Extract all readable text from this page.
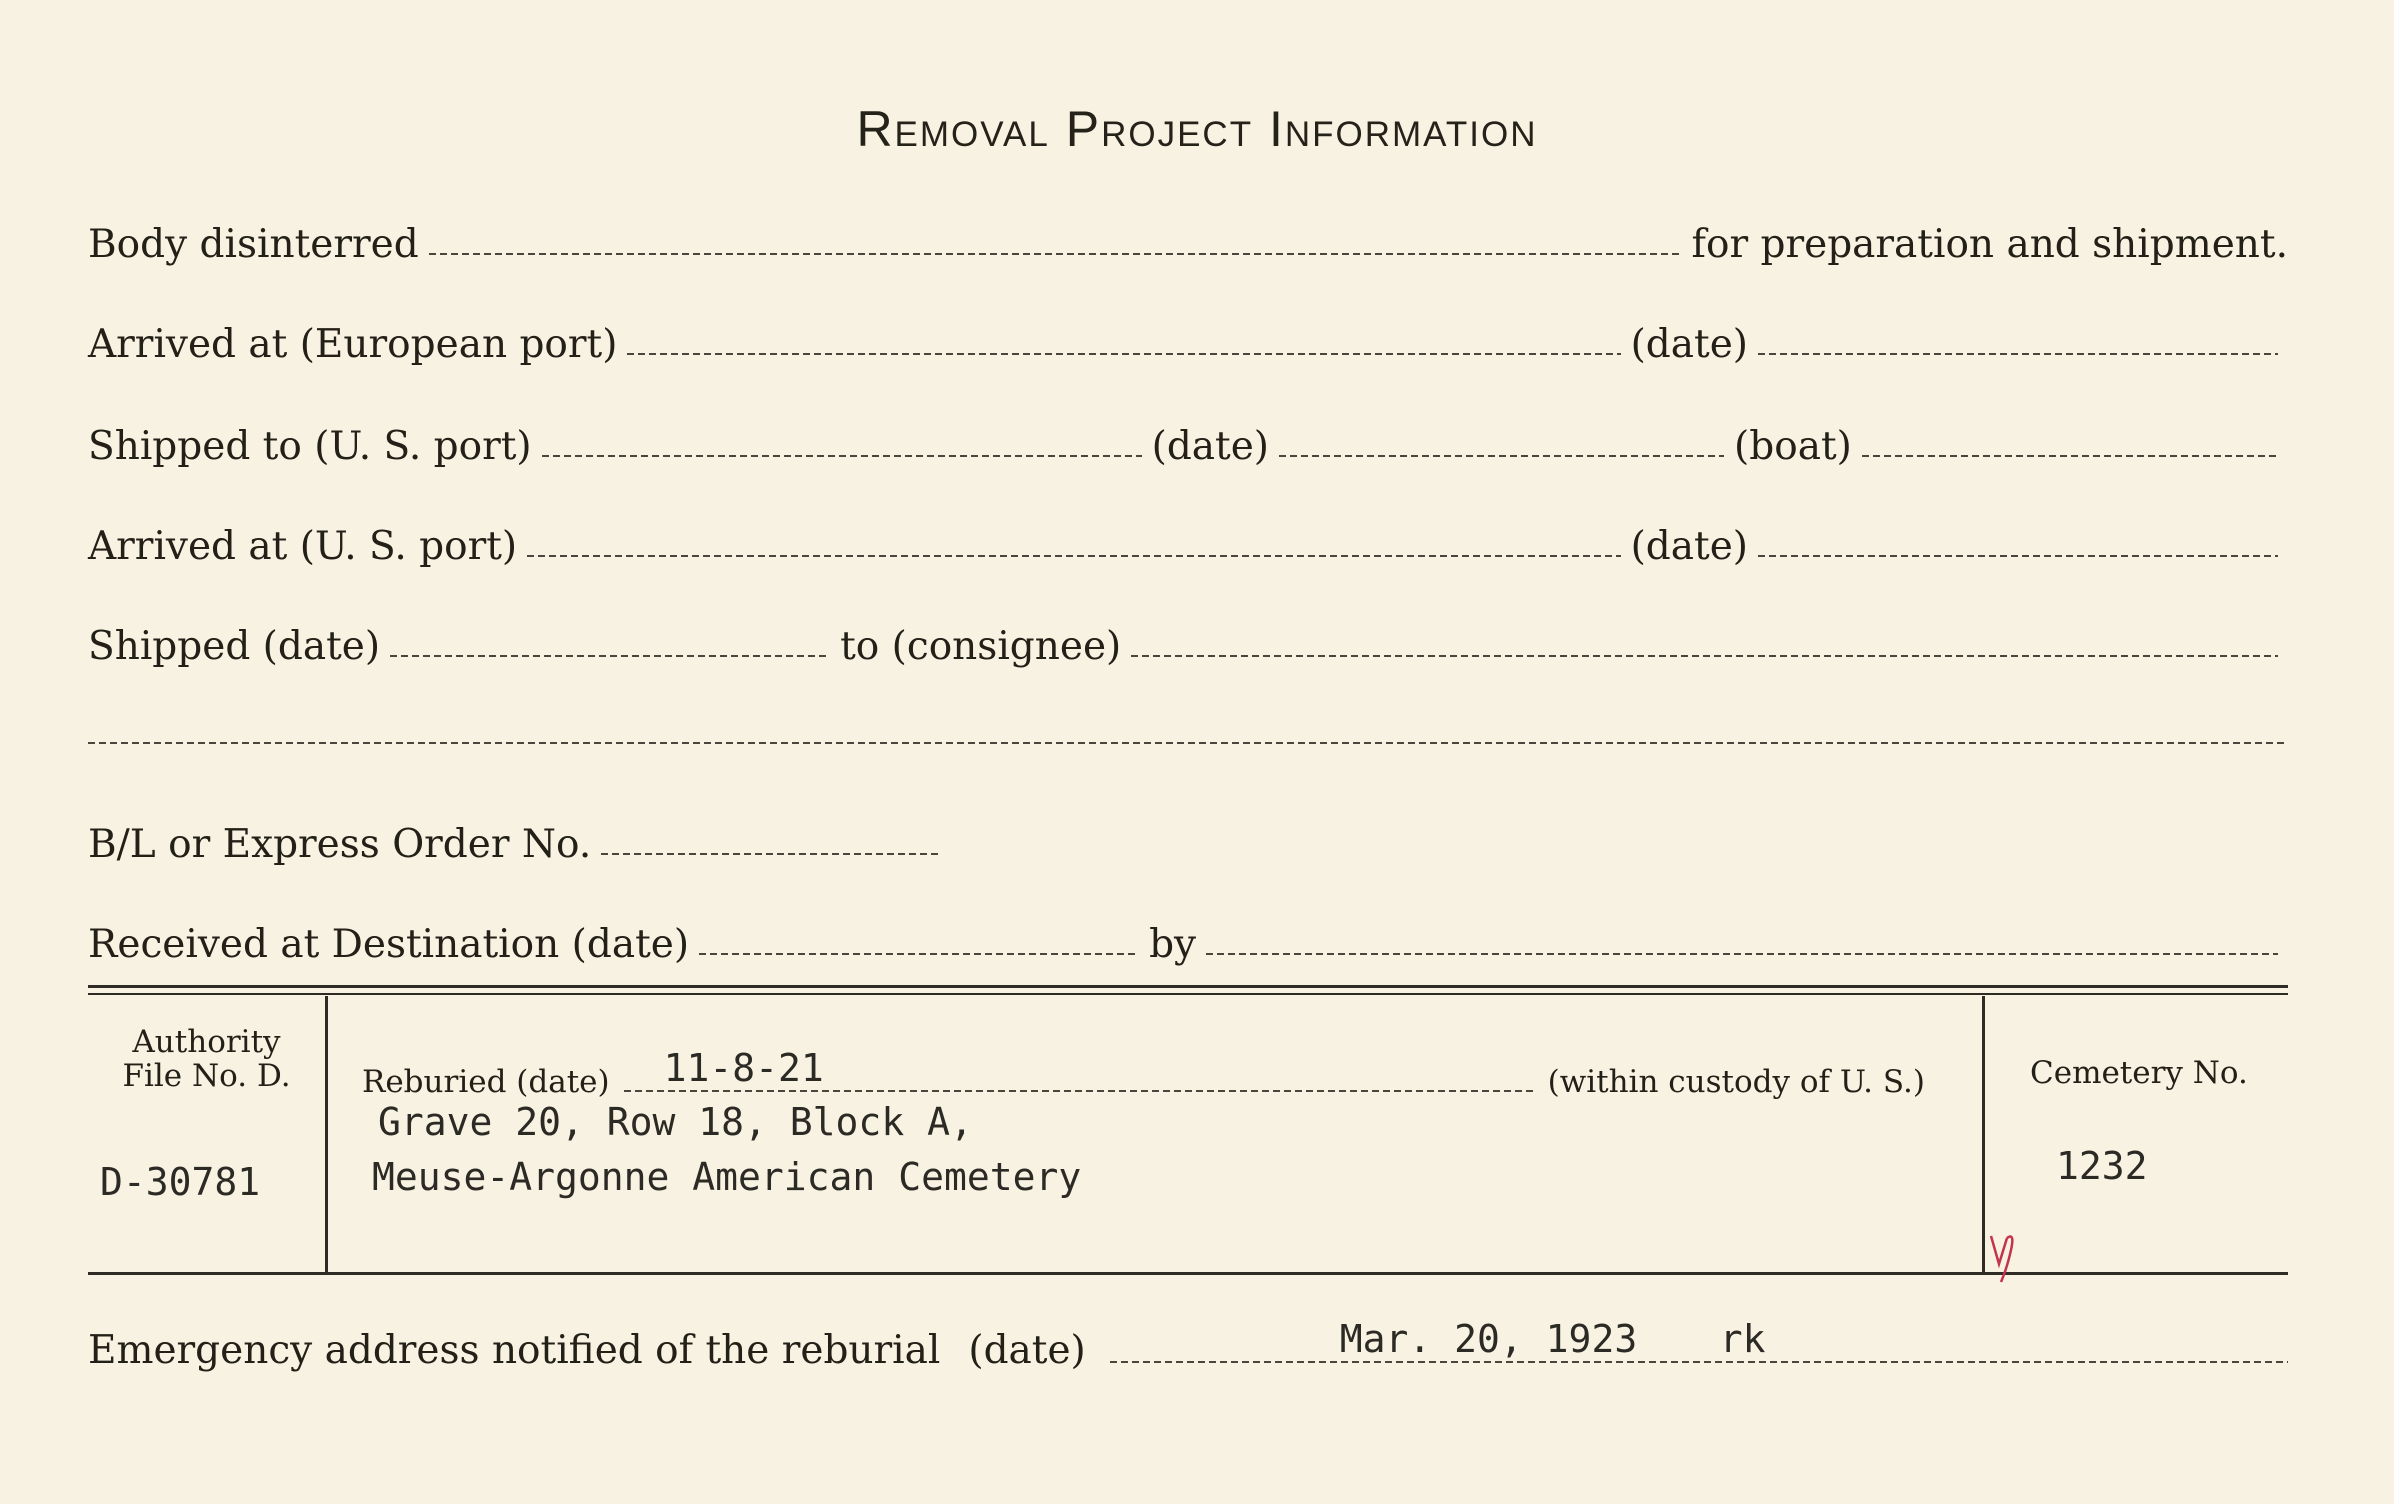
Removal Project Information
Body disinterred	for preparation and shipment.
Arrived at (European port)	(date)
Shipped to (U. S. port)	(date)	(boat)
Arrived at (U. S. port)	(date)
Shipped (date)	to (consignee)
B/L or Express Order No.
Received at Destination (date)	by
Authority
File No. D.
D-30781
Reburied (date) 11-8-21	(within custody of U. S.)
Grave 20, Row 18, Block A,
Meuse-Argonne American Cemetery
Cemetery No.
1232
Emergency address notified of the reburial (date)	Mar. 20, 1923 rk
